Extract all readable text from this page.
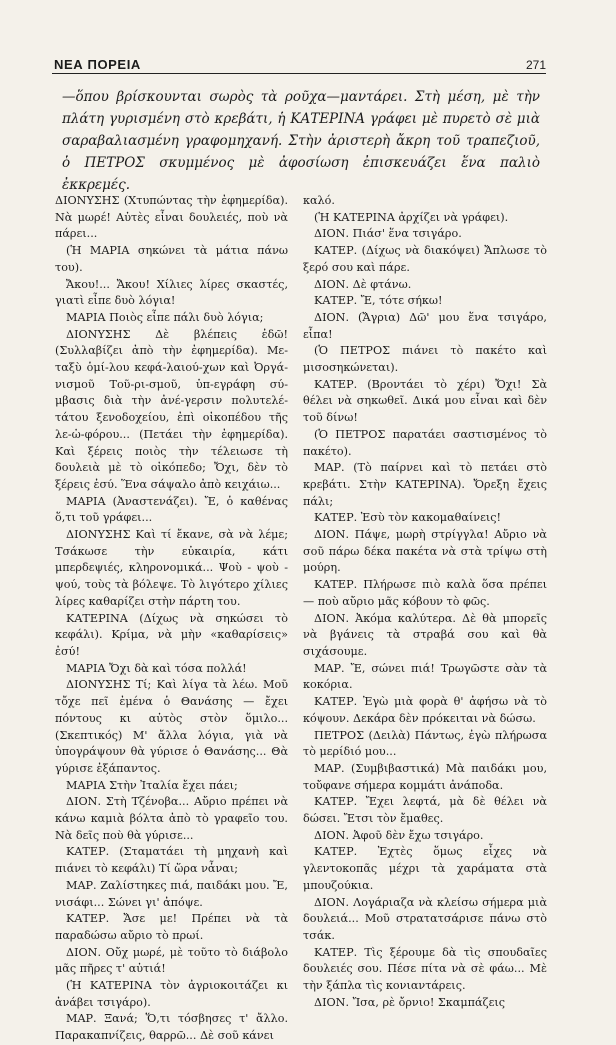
ΝΕΑ ΠΟΡΕΙΑ	271
—ὅπου βρίσκουνται σωρὸς τὰ ροῦχα—μαντάρει. Στὴ μέση, μὲ τὴν πλάτη γυρισμένη στὸ κρεβάτι, ἡ ΚΑΤΕΡΙΝΑ γράφει μὲ πυρετὸ σὲ μιὰ σαραβαλιασμένη γραφομηχανή. Στὴν ἀριστερὴ ἄκρη τοῦ τραπεζιοῦ, ὁ ΠΕΤΡΟΣ σκυμμένος μὲ ἀφοσίωση ἐπισκευάζει ἕνα παλιὸ ἐκκρεμές.

ΔΙΟΝΥΣΗΣ (Χτυπώντας τὴν ἐφημερίδα). Νὰ μωρέ! Αὐτὲς εἶναι δουλειές, ποὺ νὰ πάρει...

(Ἡ ΜΑΡΙΑ σηκώνει τὰ μάτια πάνω του).

Ἄκου!... Ἄκου! Χίλιες λίρες σκαστές, γιατὶ εἶπε δυὸ λόγια!

ΜΑΡΙΑ Ποιὸς εἶπε πάλι δυὸ λόγια;

ΔΙΟΝΥΣΗΣ Δὲ βλέπεις ἐδῶ! (Συλλαβίζει ἀπὸ τὴν ἐφημερίδα). Με-ταξὺ ὁμί-λου κεφά-λαιού-χων καὶ Ὀργά-νισμοῦ Τοῦ-ρι-σμοῦ, ὑπ-εγράφη σύ-μβασις διὰ τὴν ἀνέ-γερσιν πολυτελέ-τάτου ξενοδοχείου, ἐπὶ οἰκοπέδου τῆς λε-ὡ-φόρου... (Πετάει τὴν ἐφημερίδα). Καὶ ξέρεις ποιὸς τὴν τέλειωσε τὴ δουλειὰ μὲ τὸ οἰκόπεδο; Ὄχι, δὲν τὸ ξέρεις ἐσύ. Ἕνα σάψαλο ἀπὸ κειχάιω...

ΜΑΡΙΑ (Ἀναστενάζει). Ἔ, ὁ καθένας ὅ,τι τοῦ γράφει...

ΔΙΟΝΥΣΗΣ Καὶ τί ἔκανε, σὰ νὰ λέμε; Τσάκωσε τὴν εὐκαιρία, κάτι μπερδεψιές, κληρονομικά... Ψοὺ - ψοὺ - ψού, τοὺς τὰ βόλεψε. Τὸ λιγότερο χίλιες λίρες καθαρίζει στὴν πάρτη του.

ΚΑΤΕΡΙΝΑ (Δίχως νὰ σηκώσει τὸ κεφάλι). Κρίμα, νὰ μὴν «καθαρίσεις» ἐσύ!

ΜΑΡΙΑ Ὄχι δὰ καὶ τόσα πολλά!

ΔΙΟΝΥΣΗΣ Τί; Καὶ λίγα τὰ λέω. Μοῦ τὄχε πεῖ ἐμένα ὁ Θανάσης — ἔχει πόντους κι αὐτὸς στὸν ὅμιλο... (Σκεπτικός) Μ' ἄλλα λόγια, γιὰ νὰ ὑπογράψουν θὰ γύρισε ὁ Θανάσης... Θὰ γύρισε ἐξάπαντος.

ΜΑΡΙΑ Στὴν Ἰταλία ἔχει πάει;

ΔΙΟΝ. Στὴ Τζένοβα... Αὔριο πρέπει νὰ κάνω καμιὰ βόλτα ἀπὸ τὸ γραφεῖο του. Νὰ δεῖς ποὺ θὰ γύρισε...

ΚΑΤΕΡ. (Σταματάει τὴ μηχανὴ καὶ πιάνει τὸ κεφάλι) Τί ὥρα νἆναι;

ΜΑΡ. Ζαλίστηκες πιά, παιδάκι μου. Ἔ, νισάφι... Σώνει γι' ἀπόψε.

ΚΑΤΕΡ. Ἄσε με! Πρέπει νὰ τὰ παραδώσω αὔριο τὸ πρωί.

ΔΙΟΝ. Οὔχ μωρέ, μὲ τοῦτο τὸ διάβολο μᾶς πῆρες τ' αὐτιά!

(Ἡ ΚΑΤΕΡΙΝΑ τὸν ἀγριοκοιτάζει κι ἀνάβει τσιγάρο).

ΜΑΡ. Ξανά; Ὅ,τι τόσβησες τ' ἄλλο. Παρακαπνίζεις, θαρρῶ... Δὲ σοῦ κάνει

καλό.

(Ἡ ΚΑΤΕΡΙΝΑ ἀρχίζει νὰ γράφει).

ΔΙΟΝ. Πιάσ' ἕνα τσιγάρο.

ΚΑΤΕΡ. (Δίχως νὰ διακόψει) Ἄπλωσε τὸ ξερό σου καὶ πάρε.

ΔΙΟΝ. Δὲ φτάνω.

ΚΑΤΕΡ. Ἔ, τότε σήκω!

ΔΙΟΝ. (Ἄγρια) Δῶ' μου ἕνα τσιγάρο, εἶπα!

(Ὁ ΠΕΤΡΟΣ πιάνει τὸ πακέτο καὶ μισοσηκώνεται).

ΚΑΤΕΡ. (Βροντάει τὸ χέρι) Ὄχι! Σὰ θέλει νὰ σηκωθεῖ. Δικά μου εἶναι καὶ δὲν τοῦ δίνω!

(Ὁ ΠΕΤΡΟΣ παρατάει σαστισμένος τὸ πακέτο).

ΜΑΡ. (Τὸ παίρνει καὶ τὸ πετάει στὸ κρεβάτι. Στὴν ΚΑΤΕΡΙΝΑ). Ὄρεξη ἔχεις πάλι;

ΚΑΤΕΡ. Ἐσὺ τὸν κακομαθαίνεις!

ΔΙΟΝ. Πάψε, μωρὴ στρίγγλα! Αὔριο νὰ σοῦ πάρω δέκα πακέτα νὰ στὰ τρίψω στὴ μούρη.

ΚΑΤΕΡ. Πλήρωσε πιὸ καλὰ ὅσα πρέπει — ποὺ αὔριο μᾶς κόβουν τὸ φῶς.

ΔΙΟΝ. Ἀκόμα καλύτερα. Δὲ θὰ μπορεῖς νὰ βγάνεις τὰ στραβά σου καὶ θὰ σιχάσουμε.

ΜΑΡ. Ἔ, σώνει πιά! Τρωγῶστε σὰν τὰ κοκόρια.

ΚΑΤΕΡ. Ἐγὼ μιὰ φορὰ θ' ἀφήσω νὰ τὸ κόψουν. Δεκάρα δὲν πρόκειται νὰ δώσω.

ΠΕΤΡΟΣ (Δειλὰ) Πάντως, ἐγὼ πλήρωσα τὸ μερίδιό μου...

ΜΑΡ. (Συμβιβαστικά) Μὰ παιδάκι μου, τοὔφανε σήμερα κομμάτι ἀνάποδα.

ΚΑΤΕΡ. Ἔχει λεφτά, μὰ δὲ θέλει νὰ δώσει. Ἔτσι τὸν ἔμαθες.

ΔΙΟΝ. Ἀφοῦ δὲν ἔχω τσιγάρο.

ΚΑΤΕΡ. Ἐχτὲς ὅμως εἶχες νὰ γλεντοκοπᾶς μέχρι τὰ χαράματα στὰ μπουζούκια.

ΔΙΟΝ. Λογάριαζα νὰ κλείσω σήμερα μιὰ δουλειά... Μοῦ στρατατσάρισε πάνω στὸ τσάκ.

ΚΑΤΕΡ. Τὶς ξέρουμε δὰ τὶς σπουδαῖες δουλειές σου. Πέσε πίτα νὰ σὲ φάω... Μὲ τὴν ξάπλα τὶς κονιαντάρεις.

ΔΙΟΝ. Ἴσα, ρὲ ὄρνιο! Σκαμπάζεις
